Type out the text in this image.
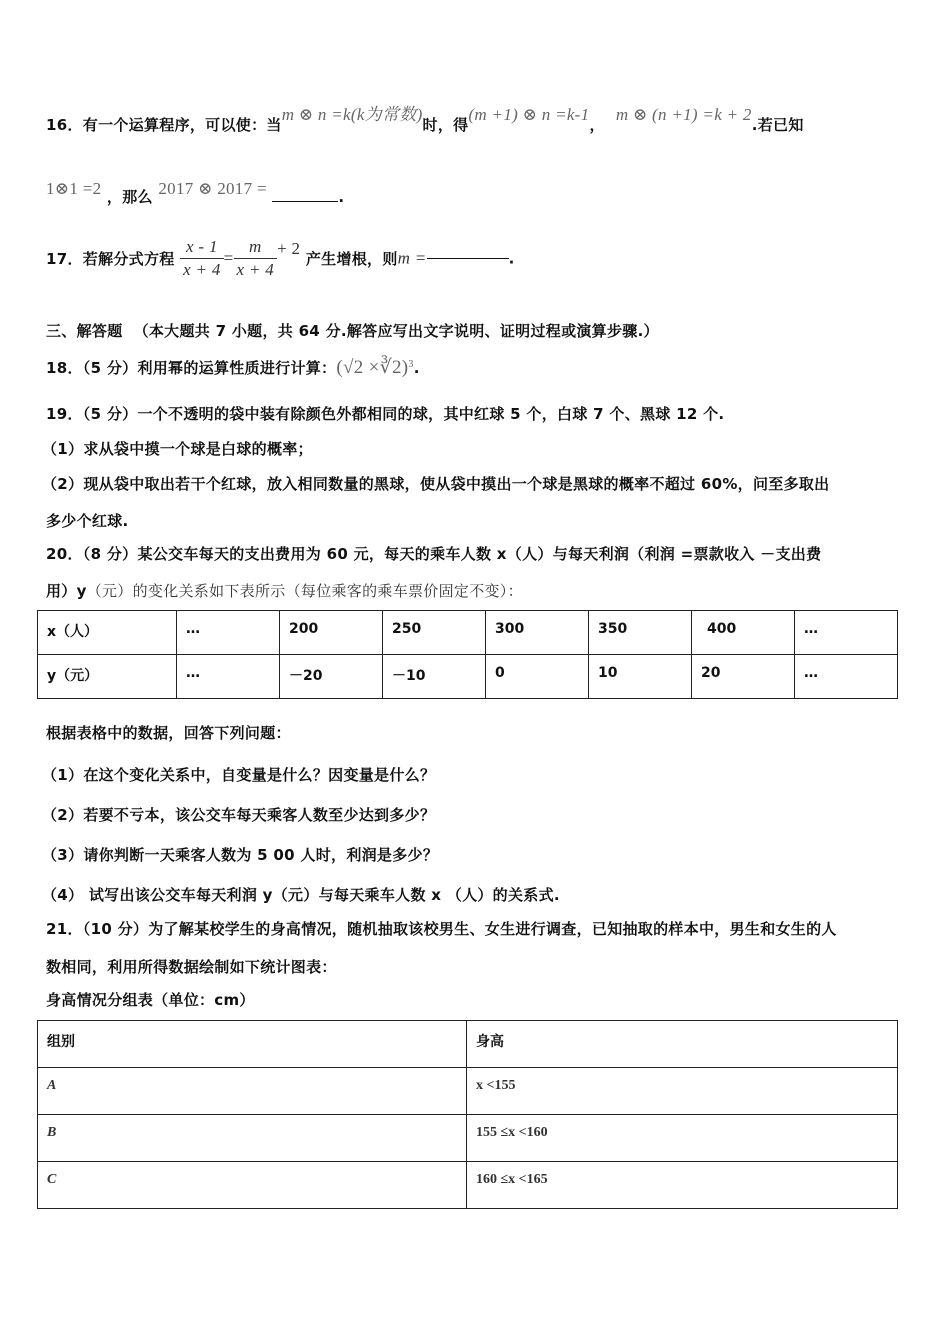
16．有一个运算程序，可以使：当m ⊗ n =k(k为常数)时，得(m +1) ⊗ n =k-1，  m ⊗ (n +1) =k + 2.若已知
1⊗1 =2 ，那么 2017 ⊗ 2017 =	.
17．若解分式方程 $\frac{x - 1}{x + 4} = \frac{m}{x + 4} + 2$ 产生增根，则m =	.
三、解答题 （本大题共 7 小题，共 64 分.解答应写出文字说明、证明过程或演算步骤.）
18．（5 分）利用幂的运算性质进行计算：(√2 ×∛2)$^3$.
19．（5 分）一个不透明的袋中装有除颜色外都相同的球，其中红球 5 个，白球 7 个、黑球 12 个.
（1）求从袋中摸一个球是白球的概率；
（2）现从袋中取出若干个红球，放入相同数量的黑球，使从袋中摸出一个球是黑球的概率不超过 60%，问至多取出
多少个红球.
20．（8 分）某公交车每天的支出费用为 60 元，每天的乘车人数 x（人）与每天利润（利润 =票款收入 －支出费
用）y（元）的变化关系如下表所示（每位乘客的乘车票价固定不变）：
x（人）	…	200	250	300	350	400	…
y（元）	…	－20	－10	0	10	20	…
根据表格中的数据，回答下列问题：
（1）在这个变化关系中，自变量是什么？因变量是什么？
（2）若要不亏本，该公交车每天乘客人数至少达到多少？
（3）请你判断一天乘客人数为 5 00 人时，利润是多少？
（4） 试写出该公交车每天利润 y（元）与每天乘车人数 x （人）的关系式.
21．（10 分）为了解某校学生的身高情况，随机抽取该校男生、女生进行调查，已知抽取的样本中，男生和女生的人
数相同，利用所得数据绘制如下统计图表：
身高情况分组表（单位：cm）
组别	身高
A	x <155
B	155 ≤x <160
C	160 ≤x <165
